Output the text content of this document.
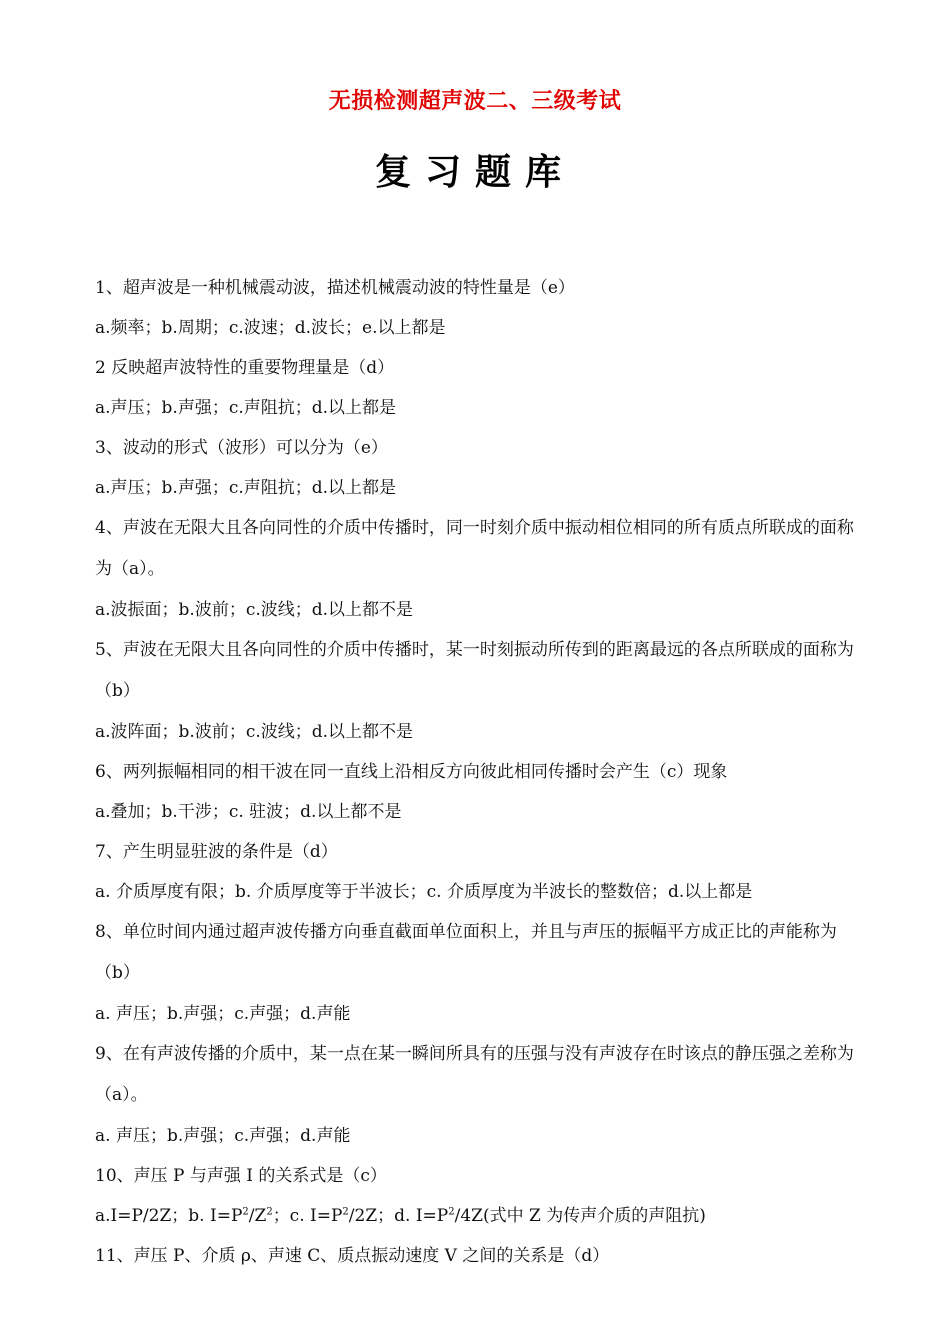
无损检测超声波二、三级考试
复习题库
1、超声波是一种机械震动波，描述机械震动波的特性量是（e）
a.频率；b.周期；c.波速；d.波长；e.以上都是
2 反映超声波特性的重要物理量是（d）
a.声压；b.声强；c.声阻抗；d.以上都是
3、波动的形式（波形）可以分为（e）
a.声压；b.声强；c.声阻抗；d.以上都是
4、声波在无限大且各向同性的介质中传播时，同一时刻介质中振动相位相同的所有质点所联成的面称为（a）。
a.波振面；b.波前；c.波线；d.以上都不是
5、声波在无限大且各向同性的介质中传播时，某一时刻振动所传到的距离最远的各点所联成的面称为（b）
a.波阵面；b.波前；c.波线；d.以上都不是
6、两列振幅相同的相干波在同一直线上沿相反方向彼此相同传播时会产生（c）现象
a.叠加；b.干涉；c. 驻波；d.以上都不是
7、产生明显驻波的条件是（d）
a. 介质厚度有限；b. 介质厚度等于半波长；c. 介质厚度为半波长的整数倍；d.以上都是
8、单位时间内通过超声波传播方向垂直截面单位面积上，并且与声压的振幅平方成正比的声能称为（b）
a. 声压；b.声强；c.声强；d.声能
9、在有声波传播的介质中，某一点在某一瞬间所具有的压强与没有声波存在时该点的静压强之差称为（a）。
a. 声压；b.声强；c.声强；d.声能
10、声压 P 与声强 I 的关系式是（c）
a.I=P/2Z；b. $I=P^2/Z^2$；c. $I=P^2/2Z$；d. $I=P^2/4Z$(式中 Z 为传声介质的声阻抗)
11、声压 P、介质 ρ、声速 C、质点振动速度 V 之间的关系是（d）
